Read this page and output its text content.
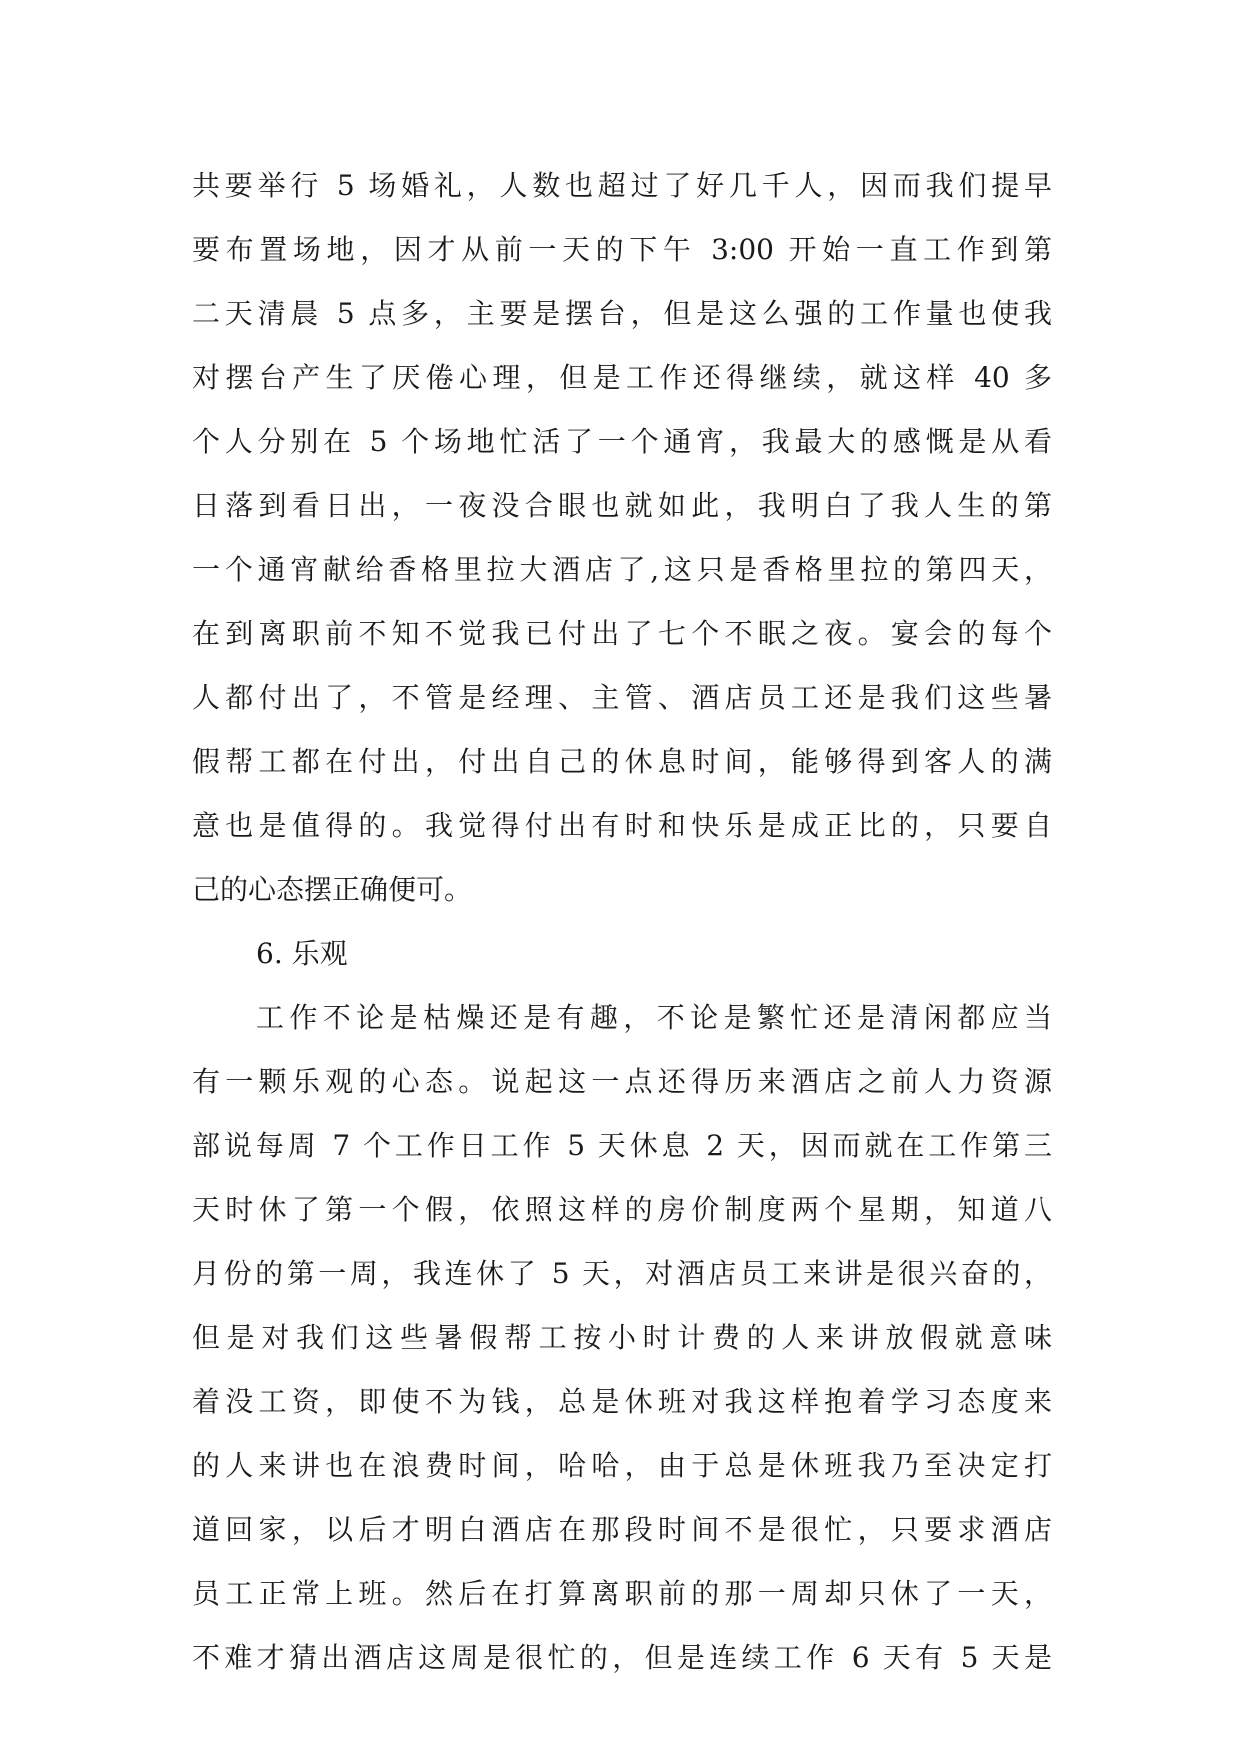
共要举行 5 场婚礼，人数也超过了好几千人，因而我们提早
要布置场地，因才从前一天的下午 3:00 开始一直工作到第
二天清晨 5 点多，主要是摆台，但是这么强的工作量也使我
对摆台产生了厌倦心理，但是工作还得继续，就这样 40 多
个人分别在 5 个场地忙活了一个通宵，我最大的感慨是从看
日落到看日出，一夜没合眼也就如此，我明白了我人生的第
一个通宵献给香格里拉大酒店了,这只是香格里拉的第四天，
在到离职前不知不觉我已付出了七个不眠之夜。宴会的每个
人都付出了，不管是经理、主管、酒店员工还是我们这些暑
假帮工都在付出，付出自己的休息时间，能够得到客人的满
意也是值得的。我觉得付出有时和快乐是成正比的，只要自
己的心态摆正确便可。
6. 乐观
工作不论是枯燥还是有趣，不论是繁忙还是清闲都应当
有一颗乐观的心态。说起这一点还得历来酒店之前人力资源
部说每周 7 个工作日工作 5 天休息 2 天，因而就在工作第三
天时休了第一个假，依照这样的房价制度两个星期，知道八
月份的第一周，我连休了 5 天，对酒店员工来讲是很兴奋的，
但是对我们这些暑假帮工按小时计费的人来讲放假就意味
着没工资，即使不为钱，总是休班对我这样抱着学习态度来
的人来讲也在浪费时间，哈哈，由于总是休班我乃至决定打
道回家，以后才明白酒店在那段时间不是很忙，只要求酒店
员工正常上班。然后在打算离职前的那一周却只休了一天，
不难才猜出酒店这周是很忙的，但是连续工作 6 天有 5 天是
